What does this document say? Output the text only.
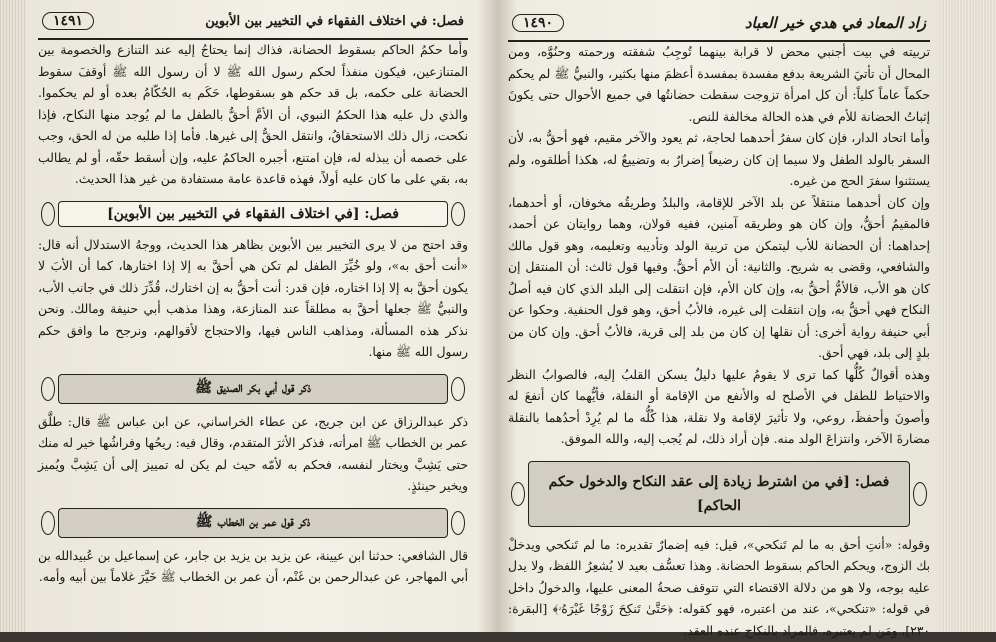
فصل: في اختلاف الفقهاء في التخيير بين الأبوين
١٤٩١

وأما حكمُ الحاكم بسقوط الحضانة، فذاك إنما يحتاجُ إليه عند التنازع والخصومة بين المتنازعين، فيكون منفذاً لحكم رسول الله ﷺ لا أن رسول الله ﷺ أوقفَ سقوط الحضانة على حكمه، بل قد حكم هو بسقوطها، حَكَم به الحُكّامُ بعده أو لم يحكموا. والذي دل عليه هذا الحكمُ النبوي، أن الأمَّ أحقُّ بالطفل ما لم يُوجد منها النكاح، فإذا نكحت، زال ذلك الاستحقاقُ، وانتقل الحقُّ إلى غيرها. فأما إذا طلبه من له الحق، وجب على خصمه أن يبذله له، فإن امتنع، أجبره الحاكمُ عليه، وإن أسقط حقّه، أو لم يطالب به، بقي على ما كان عليه أولاً، فهذه قاعدة عامة مستفادة من غير هذا الحديث.

فصل: [في اختلاف الفقهاء في التخيير بين الأبوين]

وقد احتج من لا يرى التخيير بين الأبوين بظاهر هذا الحديث، ووجهُ الاستدلال أنه قال: «أنت أحق به»، ولو خُيِّرَ الطفل لم تكن هي أحقَّ به إلا إذا اختارها، كما أن الأبَ لا يكون أحقَّ به إلا إذا اختاره، فإن قدر: أنت أحقُّ به إن اختارك، قُدِّرَ ذلك في جانب الأب، والنبيُّ ﷺ جعلها أحقَّ به مطلقاً عند المنازعة، وهذا مذهب أبي حنيفة ومالك. ونحن نذكر هذه المسألة، ومذاهب الناس فيها، والاحتجاج لأقوالهم، ونرجح ما وافق حكم رسول الله ﷺ منها.

ذكر قول أبي بكر الصديق ﷺ

ذكر عبدالرزاق عن ابن جريج، عن عطاء الخراساني، عن ابن عباس ﷺ قال: طلَّق عمر بن الخطاب ﷺ امرأته، فذكر الأثرَ المتقدم، وقال فيه: ريحُها وفراشُها خير له منك حتى يَشِبَّ ويختار لنفسه، فحكم به لأمّه حيث لم يكن له تمييز إلى أن يَشِبَّ ويُميز ويخير حينئذٍ.

ذكر قول عمر بن الخطاب ﷺ

قال الشافعي: حدثنا ابن عيينة، عن يزيد بن يزيد بن جابر، عن إسماعيل بن عُبيدالله بن أبي المهاجر، عن عبدالرحمن بن غَنْم، أن عمر بن الخطاب ﷺ خَيَّرَ غلاماً بين أبيه وأمه.

زاد المعاد في هدي خير العباد
١٤٩٠

تربيته في بيت أجنبي محض لا قرابة بينهما تُوجِبُ شفقته ورحمته وحنُوَّه، ومن المحال أن تأتيَ الشريعة بدفع مفسدة بمفسدة أعظمَ منها بكثير، والنبيُّ ﷺ لم يحكم حكماً عاماً كلياً: أن كل امرأة تزوجت سقطت حضانتُها في جميع الأحوال حتى يكونَ إثباتُ الحضانة للأم في هذه الحالة مخالفة للنص.

وأما اتحاد الدار، فإن كان سفرُ أحدهما لحاجة، ثم يعود والآخر مقيم، فهو أحقُّ به، لأن السفر بالولد الطفل ولا سيما إن كان رضيعاً إضرارٌ به وتضييعٌ له، هكذا أطلقوه، ولم يستثنوا سفرَ الحج من غيره.

وإن كان أحدهما منتقلاً عن بلد الآخر للإقامة، والبلدُ وطريقُه مخوفان، أو أحدهما، فالمقيمُ أحقُّ، وإن كان هو وطريقه آمنين، ففيه قولان، وهما روايتان عن أحمد، إحداهما: أن الحضانة للأب ليتمكن من تربية الولد وتأديبه وتعليمه، وهو قول مالك والشافعي، وقضى به شريح. والثانية: أن الأم أحقُّ. وفيها قول ثالث: أن المنتقل إن كان هو الأب، فالأمُّ أحقُّ به، وإن كان الأم، فإن انتقلت إلى البلد الذي كان فيه أصلُ النكاح فهي أحقُّ به، وإن انتقلت إلى غيره، فالأبُ أحق، وهو قول الحنفية. وحكوا عن أبي حنيفة رواية أخرى: أن نقلها إن كان من بلد إلى قرية، فالأبُ أحق. وإن كان من بلدٍ إلى بلد، فهي أحق.

وهذه أقوالٌ كُلُّها كما ترى لا يقومُ عليها دليلٌ يسكن القلبُ إليه، فالصوابُ النظر والاحتياط للطفل في الأصلح له والأنفع من الإقامة أو النقلة، فأيُّهما كان أنفعَ له وأصونَ وأحفظَ، روعي، ولا تأثيرَ لإقامة ولا نقلة، هذا كُلُّه ما لم يُرِدْ أحدُهما بالنقلة مضارةَ الآخر، وانتزاعَ الولد منه. فإن أراد ذلك، لم يُجب إليه، والله الموفق.

فصل: [في من اشترط زيادة إلى عقد النكاح والدخول حكم الحاكم]

وقوله: «أنتِ أحق به ما لم تَنكحي»، قيل: فيه إضمارٌ تقديره: ما لم تَنكحي ويدخلْ بك الزوج، ويحكم الحاكم بسقوط الحضانة. وهذا تعسُّف بعيد لا يُشعِرُ اللفظ، ولا يدل عليه بوجه، ولا هو من دلالة الاقتضاء التي تتوقف صحةُ المعنى عليها، والدخولُ داخل في قوله: «تنكحي»، عند من اعتبره، فهو كقوله: ﴿حَتَّىٰ تَنكِحَ زَوْجًا غَيْرَهُۥ﴾ [البقرة: ٢٣٠]، ومَن لم يعتبره، فالمراد بالنكاح عنده العقد.
